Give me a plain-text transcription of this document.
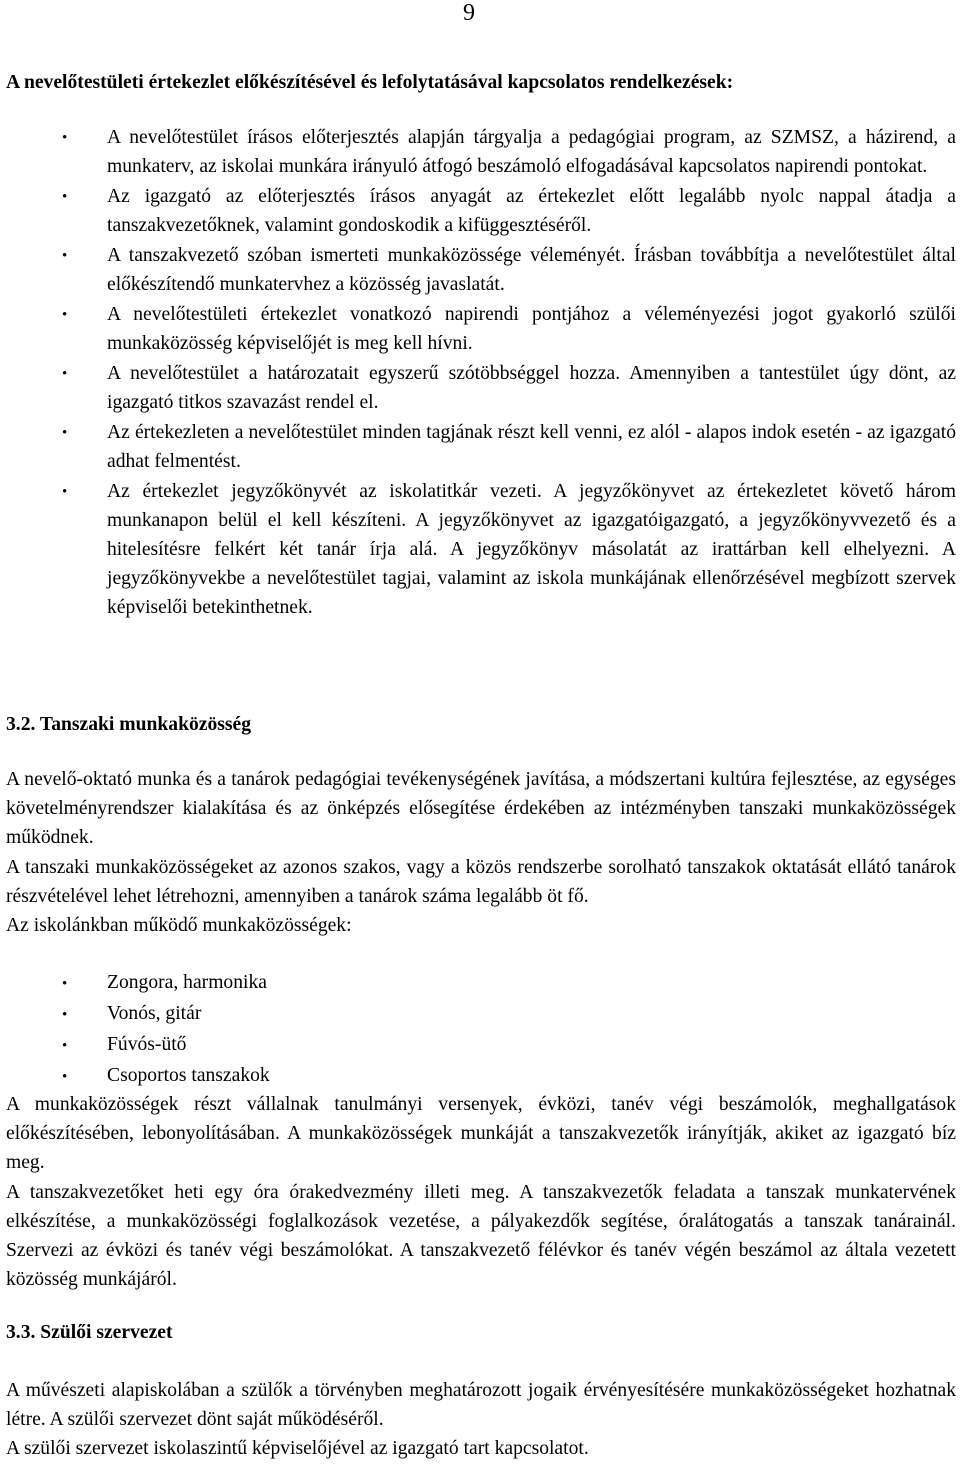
9
A nevelőtestületi értekezlet előkészítésével és lefolytatásával kapcsolatos rendelkezések:
• A nevelőtestület írásos előterjesztés alapján tárgyalja a pedagógiai program, az SZMSZ, a házirend, a munkaterv, az iskolai munkára irányuló átfogó beszámoló elfogadásával kapcsolatos napirendi pontokat.
• Az igazgató az előterjesztés írásos anyagát az értekezlet előtt legalább nyolc nappal átadja a tanszakvezetőknek, valamint gondoskodik a kifüggesztéséről.
• A tanszakvezető szóban ismerteti munkaközössége véleményét. Írásban továbbítja a nevelőtestület által előkészítendő munkatervhez a közösség javaslatát.
• A nevelőtestületi értekezlet vonatkozó napirendi pontjához a véleményezési jogot gyakorló szülői munkaközösség képviselőjét is meg kell hívni.
• A nevelőtestület a határozatait egyszerű szótöbbséggel hozza. Amennyiben a tantestület úgy dönt, az igazgató titkos szavazást rendel el.
• Az értekezleten a nevelőtestület minden tagjának részt kell venni, ez alól - alapos indok esetén - az igazgató adhat felmentést.
• Az értekezlet jegyzőkönyvét az iskolatitkár vezeti. A jegyzőkönyvet az értekezletet követő három munkanapon belül el kell készíteni. A jegyzőkönyvet az igazgatóigazgató, a jegyzőkönyvvezető és a hitelesítésre felkért két tanár írja alá. A jegyzőkönyv másolatát az irattárban kell elhelyezni. A jegyzőkönyvekbe a nevelőtestület tagjai, valamint az iskola munkájának ellenőrzésével megbízott szervek képviselői betekinthetnek.
3.2. Tanszaki munkaközösség

A nevelő-oktató munka és a tanárok pedagógiai tevékenységének javítása, a módszertani kultúra fejlesztése, az egységes követelményrendszer kialakítása és az önképzés elősegítése érdekében az intézményben tanszaki munkaközösségek működnek.

A tanszaki munkaközösségeket az azonos szakos, vagy a közös rendszerbe sorolható tanszakok oktatását ellátó tanárok részvételével lehet létrehozni, amennyiben a tanárok száma legalább öt fő.

Az iskolánkban működő munkaközösségek:

• Zongora, harmonika
• Vonós, gitár
• Fúvós-ütő
• Csoportos tanszakok

A munkaközösségek részt vállalnak tanulmányi versenyek, évközi, tanév végi beszámolók, meghallgatások előkészítésében, lebonyolításában. A munkaközösségek munkáját a tanszakvezetők irányítják, akiket az igazgató bíz meg.

A tanszakvezetőket heti egy óra órakedvezmény illeti meg. A tanszakvezetők feladata a tanszak munkatervének elkészítése, a munkaközösségi foglalkozások vezetése, a pályakezdők segítése, óralátogatás a tanszak tanárainál. Szervezi az évközi és tanév végi beszámolókat. A tanszakvezető félévkor és tanév végén beszámol az általa vezetett közösség munkájáról.

3.3. Szülői szervezet

A művészeti alapiskolában a szülők a törvényben meghatározott jogaik érvényesítésére munkaközösségeket hozhatnak létre. A szülői szervezet dönt saját működéséről.

A szülői szervezet iskolaszintű képviselőjével az igazgató tart kapcsolatot.
